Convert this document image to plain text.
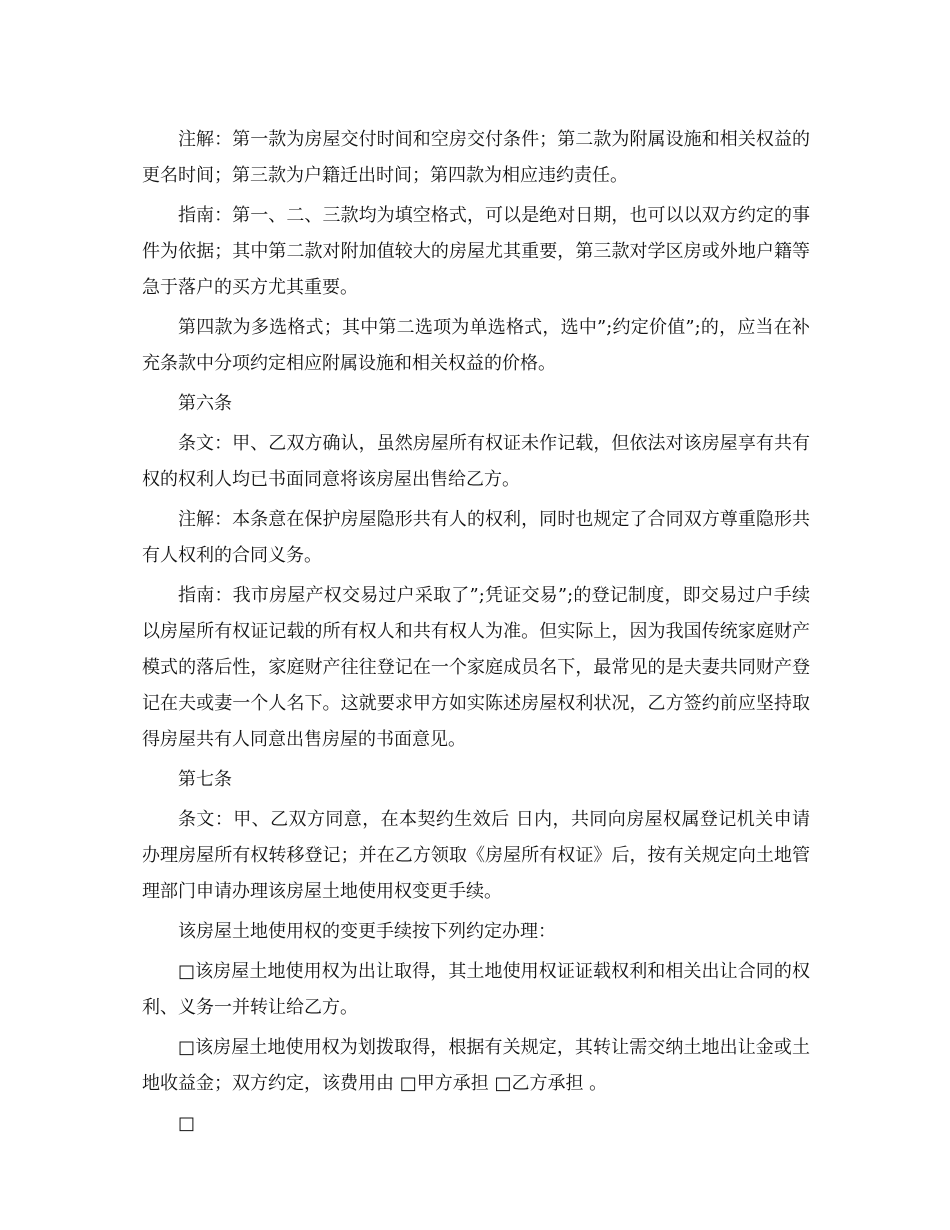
注解：第一款为房屋交付时间和空房交付条件；第二款为附属设施和相关权益的更名时间；第三款为户籍迁出时间；第四款为相应违约责任。

指南：第一、二、三款均为填空格式，可以是绝对日期，也可以以双方约定的事件为依据；其中第二款对附加值较大的房屋尤其重要，第三款对学区房或外地户籍等急于落户的买方尤其重要。

第四款为多选格式；其中第二选项为单选格式，选中”;约定价值”;的，应当在补充条款中分项约定相应附属设施和相关权益的价格。

第六条

条文：甲、乙双方确认，虽然房屋所有权证未作记载，但依法对该房屋享有共有权的权利人均已书面同意将该房屋出售给乙方。

注解：本条意在保护房屋隐形共有人的权利，同时也规定了合同双方尊重隐形共有人权利的合同义务。

指南：我市房屋产权交易过户采取了”;凭证交易”;的登记制度，即交易过户手续以房屋所有权证记载的所有权人和共有权人为准。但实际上，因为我国传统家庭财产模式的落后性，家庭财产往往登记在一个家庭成员名下，最常见的是夫妻共同财产登记在夫或妻一个人名下。这就要求甲方如实陈述房屋权利状况，乙方签约前应坚持取得房屋共有人同意出售房屋的书面意见。

第七条

条文：甲、乙双方同意，在本契约生效后 日内，共同向房屋权属登记机关申请办理房屋所有权转移登记；并在乙方领取《房屋所有权证》后，按有关规定向土地管理部门申请办理该房屋土地使用权变更手续。

该房屋土地使用权的变更手续按下列约定办理：

□该房屋土地使用权为出让取得，其土地使用权证证载权利和相关出让合同的权利、义务一并转让给乙方。

□该房屋土地使用权为划拨取得，根据有关规定，其转让需交纳土地出让金或土地收益金；双方约定，该费用由 □甲方承担 □乙方承担 。

□
